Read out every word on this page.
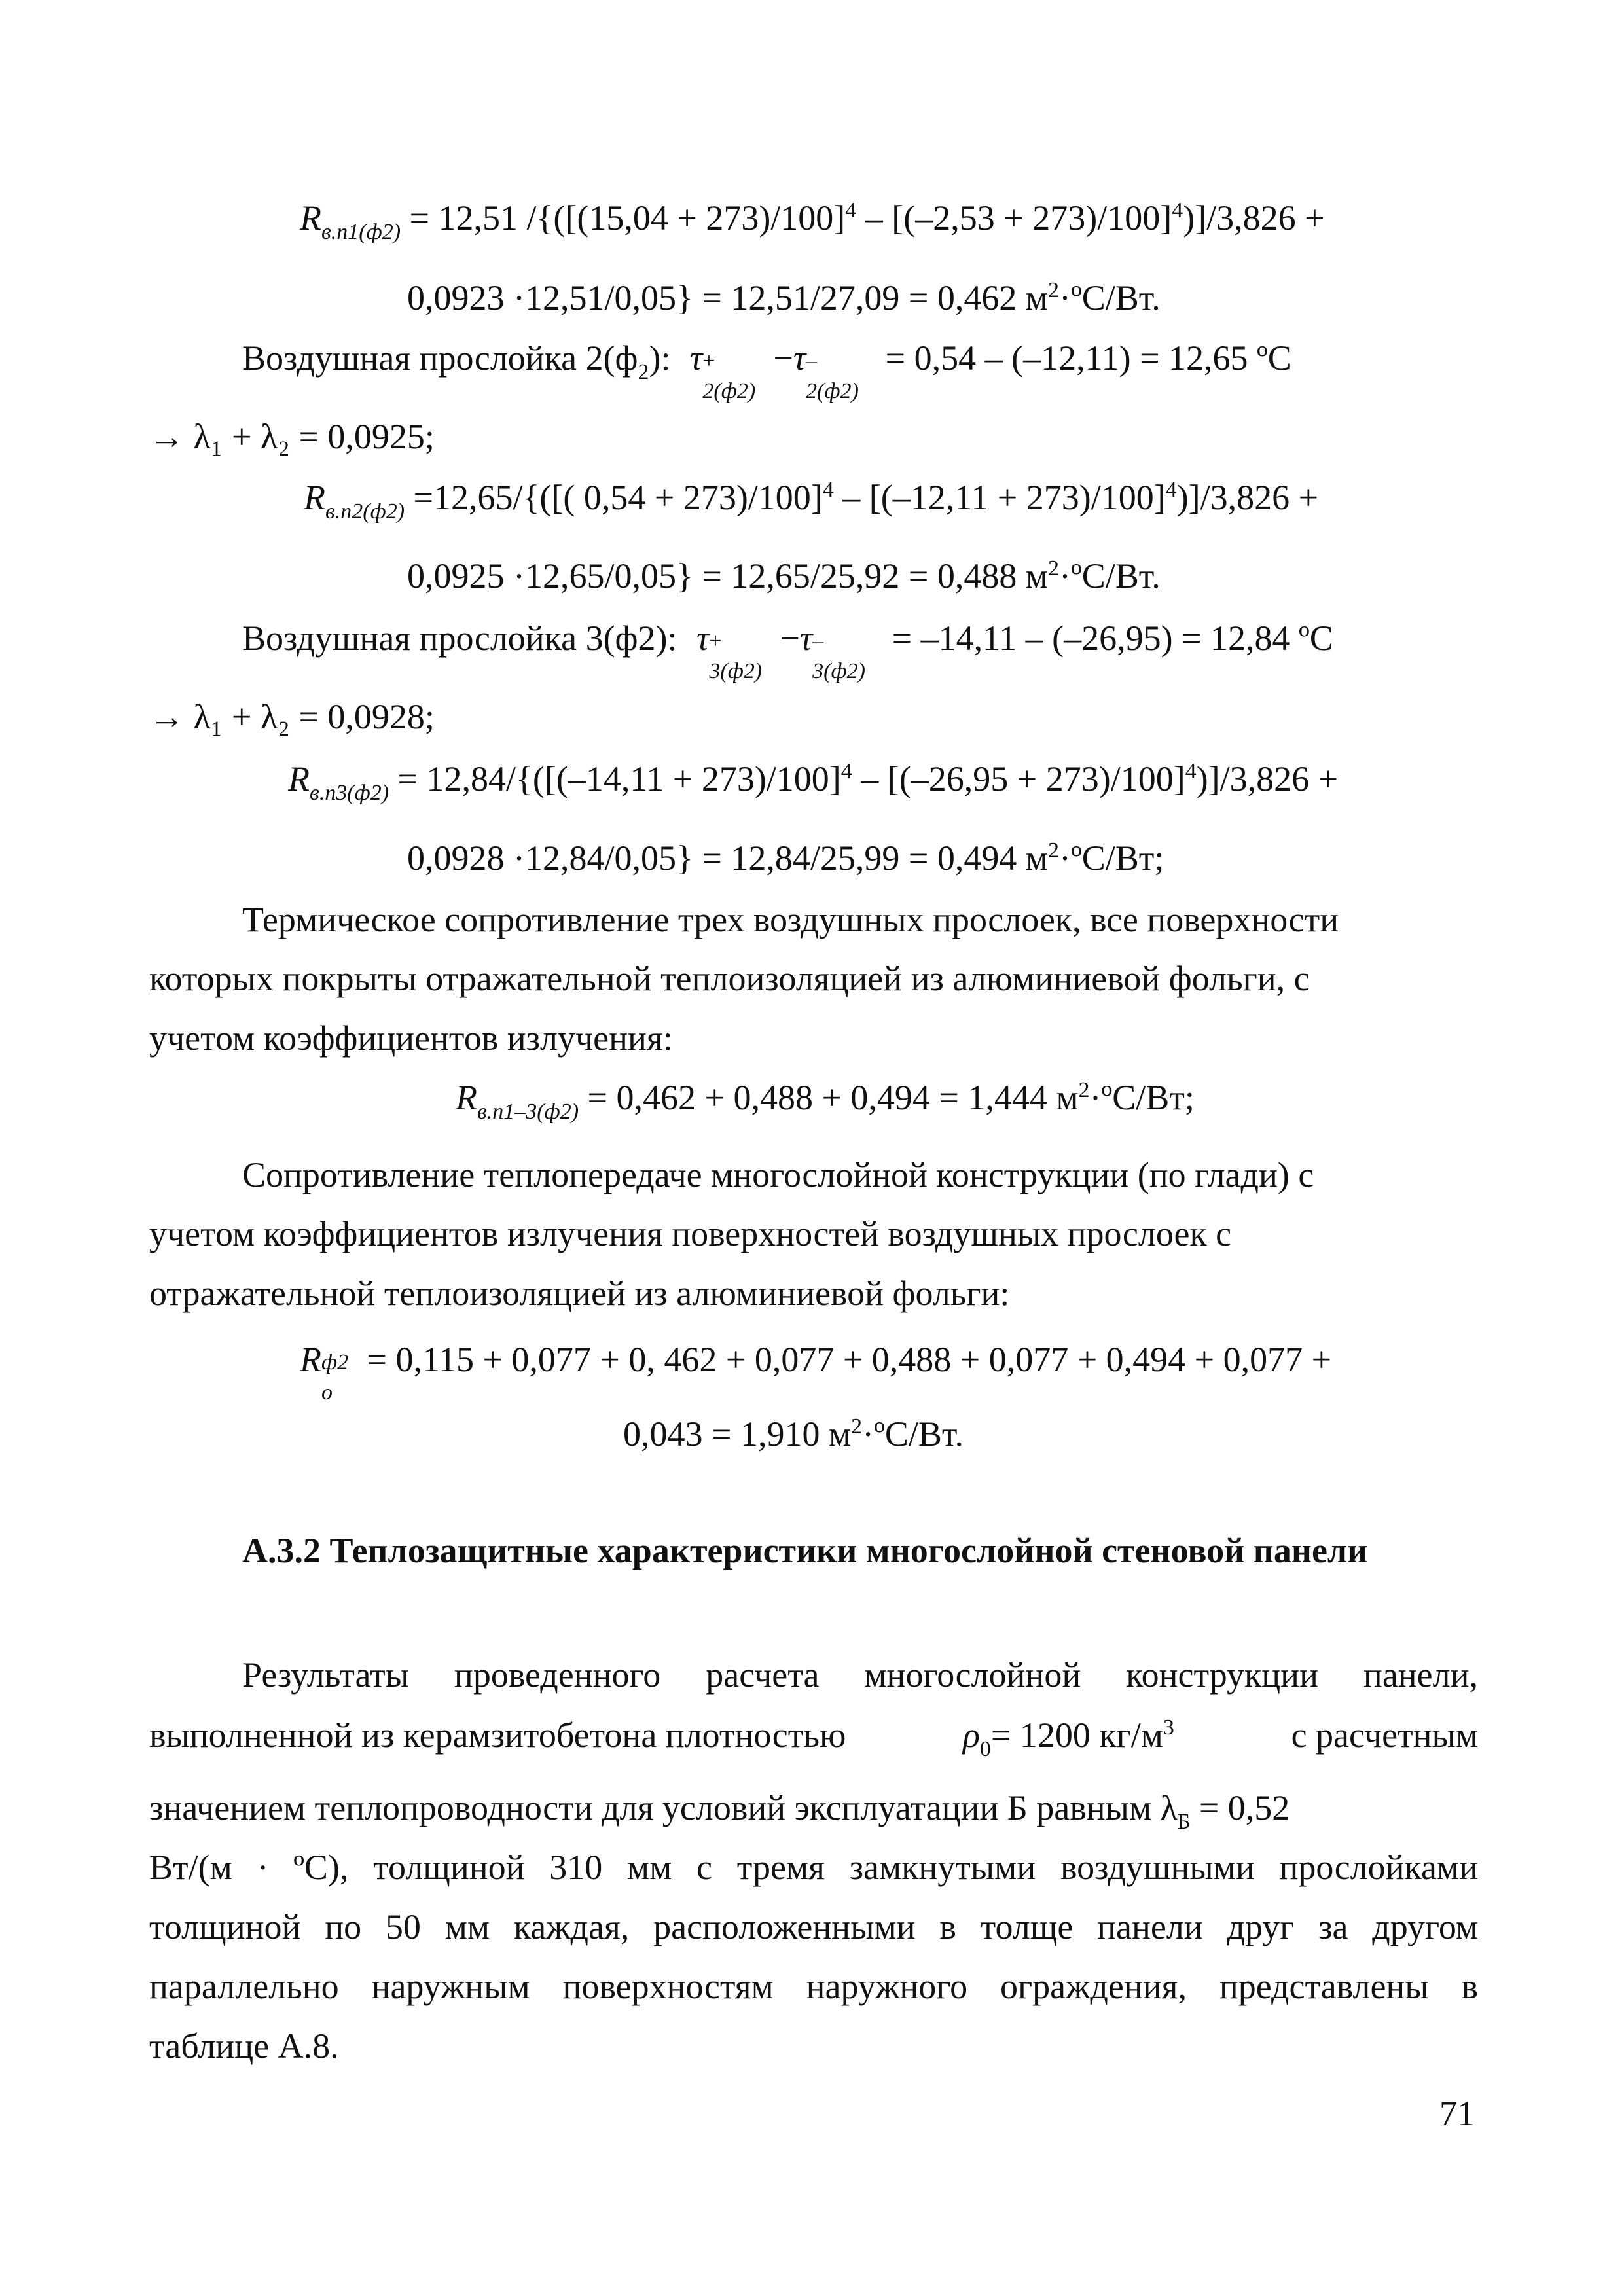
$R_{в.п1(ф2)} = 12,51$ $/\{([(15,04 + 273)/100]^4 - [(-2,53 + 273)/100]^4)]/3,826$ +
0,0923 ·12,51/0,05} = 12,51/27,09 = 0,462 $м^2\cdot ºС/Вт$.
Воздушная прослойка $2(ф_2)$: τ +
2(ф2)
−τ –
2(ф2)
= 0,54 – (–12,11) = 12,65 ºС
→ λ₁ + λ₂ = 0,0925;
$R_{в.п2(ф2)} =12,65/${([( $0,54 + 273)/100]^4 - [(-12,11 + 273)/100]^4)]/3,826$ +
0,0925 ·12,65/0,05} = 12,65/25,92 = 0,488 $м^2\cdot ºС/Вт$.
Воздушная прослойка 3(ф2): τ +
3(ф2)
−τ –
3(ф2)
= –14,11 – (–26,95) = 12,84 ºС
→ λ₁ + λ₂ = 0,0928;
$R_{в.п3(ф2)} = 12,84/\{([(-14,11 + 273)/100]^4 - [(-26,95 + 273)/100]^4)]/3,826$ +
0,0928 ·12,84/0,05} = 12,84/25,99 = 0,494 $м^2\cdot ºС/Вт$;
Термическое сопротивление трех воздушных прослоек, все поверхности
которых покрыты отражательной теплоизоляцией из алюминиевой фольги, с
учетом коэффициентов излучения:
$R_{в.п1-3(ф2)} = 0,462 + 0,488 + 0,494 = 1,444$ $м^2\cdot ºС/Вт$;
Сопротивление теплопередаче многослойной конструкции (по глади) с
учетом коэффициентов излучения поверхностей воздушных прослоек с
отражательной теплоизоляцией из алюминиевой фольги:
R ф2
о
= 0,115 + 0,077 + 0, 462 + 0,077 + 0,488 + 0,077 + 0,494 + 0,077 +
0,043 = 1,910 $м^2\cdot ºС/Вт$.
А.3.2 Теплозащитные характеристики многослойной стеновой панели
Результаты проведенного расчета многослойной конструкции панели,
выполненной из керамзитобетона плотностью	$\rho_0= 1200$ $кг/м^3$	с расчетным
значением теплопроводности для условий эксплуатации Б равным $\lambda_Б = 0,52$
Вт/(м · ºС), толщиной 310 мм с тремя замкнутыми воздушными прослойками
толщиной по 50 мм каждая, расположенными в толще панели друг за другом
параллельно наружным поверхностям наружного ограждения, представлены в
таблице А.8.
71
